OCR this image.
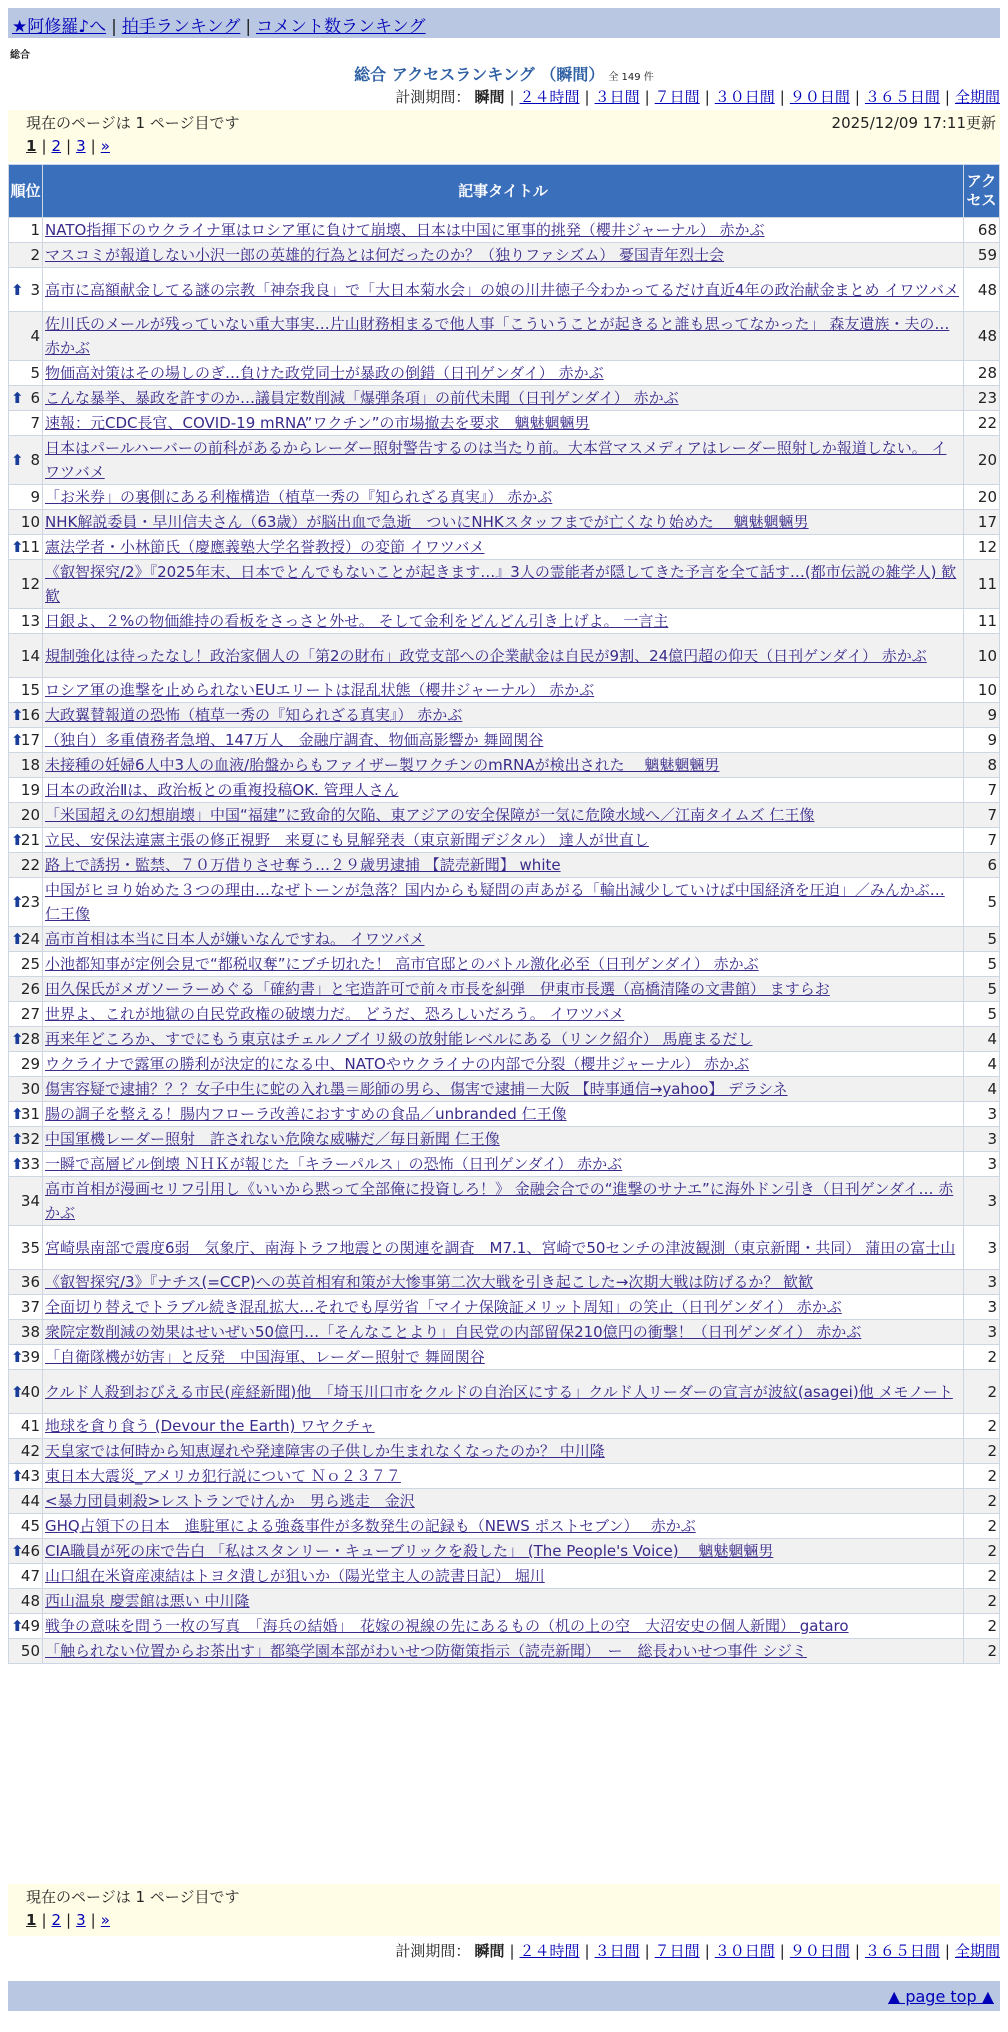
★阿修羅♪へ | 拍手ランキング | コメント数ランキング
総合
総合 アクセスランキング （瞬間） 全 149 件
計測期間： 瞬間 | ２４時間 | ３日間 | ７日間 | ３０日間 | ９０日間 | ３６５日間 | 全期間
現在のページは 1 ページ目です	2025/12/09 17:11更新
1 | 2 | 3 | »
順位	記事タイトル	アクセス
1	NATO指揮下のウクライナ軍はロシア軍に負けて崩壊、日本は中国に軍事的挑発（櫻井ジャーナル） 赤かぶ	68
2	マスコミが報道しない小沢一郎の英雄的行為とは何だったのか？（独りファシズム） 憂国青年烈士会	59

⬆ 3	高市に高額献金してる謎の宗教「神奈我良」で「大日本菊水会」の娘の川井徳子今わかってるだけ直近4年の政治献金まとめ イワツバメ	48
4	佐川氏のメールが残っていない重大事実…片山財務相まるで他人事「こういうことが起きると誰も思ってなかった」 森友遺族・夫の… 赤かぶ	48
5	物価高対策はその場しのぎ…負けた政党同士が暴政の倒錯（日刊ゲンダイ） 赤かぶ	28

⬆ 6	こんな暴挙、暴政を許すのか…議員定数削減「爆弾条項」の前代未聞（日刊ゲンダイ） 赤かぶ	23
7	速報：元CDC長官、COVID-19 mRNA”ワクチン”の市場撤去を要求　魑魅魍魎男	22

⬆ 8	日本はパールハーバーの前科があるからレーダー照射警告するのは当たり前。大本営マスメディアはレーダー照射しか報道しない。 イワツバメ	20
9	「お米券」の裏側にある利権構造（植草一秀の『知られざる真実』） 赤かぶ	20
10	NHK解説委員・早川信夫さん（63歳）が脳出血で急逝　ついにNHKスタッフまでが亡くなり始めた　 魑魅魍魎男	17

⬆
11	憲法学者・小林節氏（慶應義塾大学名誉教授）の変節 イワツバメ	12
12	《叡智探究/2》『2025年末、日本でとんでもないことが起きます…』3人の霊能者が隠してきた予言を全て話す…(都市伝説の雑学人) 歓歓	11
13	日銀よ、２%の物価維持の看板をさっさと外せ。 そして金利をどんどん引き上げよ。 一言主	11
14	規制強化は待ったなし！政治家個人の「第2の財布」政党支部への企業献金は自民が9割、24億円超の仰天（日刊ゲンダイ） 赤かぶ	10
15	ロシア軍の進撃を止められないEUエリートは混乱状態（櫻井ジャーナル） 赤かぶ	10

⬆
16	大政翼賛報道の恐怖（植草一秀の『知られざる真実』） 赤かぶ	9

⬆
17	（独自）多重債務者急増、147万人　金融庁調査、物価高影響か 舞岡関谷	9
18	未接種の妊婦6人中3人の血液/胎盤からもファイザー製ワクチンのmRNAが検出された　 魑魅魍魎男	8
19	日本の政治Ⅱは、政治板との重複投稿OK. 管理人さん	7
20	「米国超えの幻想崩壊」中国“福建”に致命的欠陥、東アジアの安全保障が一気に危険水域へ／江南タイムズ 仁王像	7

⬆
21	立民、安保法違憲主張の修正視野　来夏にも見解発表（東京新聞デジタル） 達人が世直し	7
22	路上で誘拐・監禁、７０万借りさせ奪う…２９歳男逮捕 【読売新聞】 white	6

⬆
23	中国がヒヨり始めた３つの理由…なぜトーンが急落？国内からも疑問の声あがる「輸出減少していけば中国経済を圧迫」／みんかぶ… 仁王像	5

⬆
24	高市首相は本当に日本人が嫌いなんですね。 イワツバメ	5
25	小池都知事が定例会見で“都税収奪”にブチ切れた！ 高市官邸とのバトル激化必至（日刊ゲンダイ） 赤かぶ	5
26	田久保氏がメガソーラーめぐる「確約書」と宅造許可で前々市長を糾弾　伊東市長選（高橋清隆の文書館） ますらお	5
27	世界よ、これが地獄の自民党政権の破壊力だ。 どうだ、恐ろしいだろう。 イワツバメ	5

⬆
28	再来年どころか、すでにもう東京はチェルノブイリ級の放射能レベルにある（リンク紹介） 馬鹿まるだし	4
29	ウクライナで露軍の勝利が決定的になる中、NATOやウクライナの内部で分裂（櫻井ジャーナル） 赤かぶ	4
30	傷害容疑で逮捕？？？女子中生に蛇の入れ墨＝彫師の男ら、傷害で逮捕－大阪 【時事通信→yahoo】 デラシネ	4

⬆
31	腸の調子を整える！腸内フローラ改善におすすめの食品／unbranded 仁王像	3

⬆
32	中国軍機レーダー照射　許されない危険な威嚇だ／毎日新聞 仁王像	3

⬆
33	一瞬で高層ビル倒壊 ＮＨＫが報じた「キラーパルス」の恐怖（日刊ゲンダイ） 赤かぶ	3
34	高市首相が漫画セリフ引用し《いいから黙って全部俺に投資しろ！》 金融会合での“進撃のサナエ”に海外ドン引き（日刊ゲンダイ… 赤かぶ	3
35	宮崎県南部で震度6弱　気象庁、南海トラフ地震との関連を調査　M7.1、宮崎で50センチの津波観測（東京新聞・共同） 蒲田の富士山	3
36	《叡智探究/3》『ナチス(=CCP)への英首相宥和策が大惨事第二次大戦を引き起こした→次期大戦は防げるか？ 歓歓	3
37	全面切り替えでトラブル続き混乱拡大…それでも厚労省「マイナ保険証メリット周知」の笑止（日刊ゲンダイ） 赤かぶ	3
38	衆院定数削減の効果はせいぜい50億円…「そんなことより」自民党の内部留保210億円の衝撃！（日刊ゲンダイ） 赤かぶ	3

⬆
39	「自衛隊機が妨害」と反発　中国海軍、レーダー照射で 舞岡関谷	2

⬆
40	クルド人殺到おびえる市民(産経新聞)他　「埼玉川口市をクルドの自治区にする」クルド人リーダーの宣言が波紋(asagei)他 メモノート	2
41	地球を貪り食う (Devour the Earth) ワヤクチャ	2
42	天皇家では何時から知恵遅れや発達障害の子供しか生まれなくなったのか？ 中川隆	2

⬆
43	東日本大震災_アメリカ犯行説について Ｎｏ２３７７	2
44	<暴力団員刺殺>レストランでけんか　男ら逃走　金沢	2
45	GHQ占領下の日本　進駐軍による強姦事件が多数発生の記録も（NEWS ポストセブン）　 赤かぶ	2

⬆
46	CIA職員が死の床で告白 「私はスタンリー・キューブリックを殺した」 (The People's Voice)　 魑魅魍魎男	2
47	山口組在米資産凍結はトヨタ潰しが狙いか（陽光堂主人の読書日記） 堀川	2
48	西山温泉 慶雲館は悪い 中川隆	2

⬆
49	戦争の意味を問う一枚の写真　「海兵の結婚」　花嫁の視線の先にあるもの（机の上の空　大沼安史の個人新聞） gataro	2
50	「触られない位置からお茶出す」都築学園本部がわいせつ防衛策指示（読売新聞）　ー　総長わいせつ事件 シジミ	2
現在のページは 1 ページ目です
1 | 2 | 3 | »
計測期間： 瞬間 | ２４時間 | ３日間 | ７日間 | ３０日間 | ９０日間 | ３６５日間 | 全期間
▲ page top ▲
